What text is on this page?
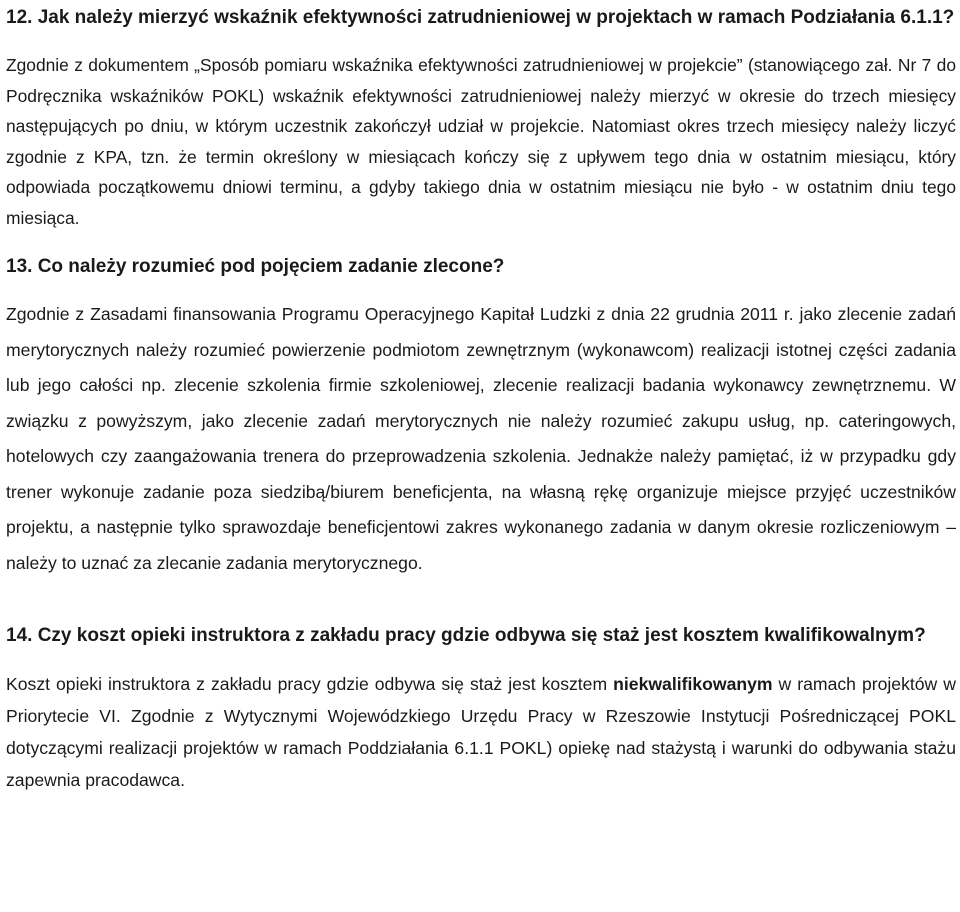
12. Jak należy mierzyć wskaźnik efektywności zatrudnieniowej w projektach w ramach Podziałania 6.1.1?

Zgodnie z dokumentem „Sposób pomiaru wskaźnika efektywności zatrudnieniowej w projekcie” (stanowiącego zał. Nr 7 do Podręcznika wskaźników POKL) wskaźnik efektywności zatrudnieniowej należy mierzyć w okresie do trzech miesięcy następujących po dniu, w którym uczestnik zakończył udział w projekcie. Natomiast okres trzech miesięcy należy liczyć zgodnie z KPA, tzn. że termin określony w miesiącach kończy się z upływem tego dnia w ostatnim miesiącu, który odpowiada początkowemu dniowi terminu, a gdyby takiego dnia w ostatnim miesiącu nie było - w ostatnim dniu tego miesiąca.

13. Co należy rozumieć pod pojęciem zadanie zlecone?

Zgodnie z Zasadami finansowania Programu Operacyjnego Kapitał Ludzki z dnia 22 grudnia 2011 r. jako zlecenie zadań merytorycznych należy rozumieć powierzenie podmiotom zewnętrznym (wykonawcom) realizacji istotnej części zadania lub jego całości np. zlecenie szkolenia firmie szkoleniowej, zlecenie realizacji badania wykonawcy zewnętrznemu. W związku z powyższym, jako zlecenie zadań merytorycznych nie należy rozumieć zakupu usług, np. cateringowych, hotelowych czy zaangażowania trenera do przeprowadzenia szkolenia. Jednakże należy pamiętać, iż w przypadku gdy trener wykonuje zadanie poza siedzibą/biurem beneficjenta, na własną rękę organizuje miejsce przyjęć uczestników projektu, a następnie tylko sprawozdaje beneficjentowi zakres wykonanego zadania w danym okresie rozliczeniowym – należy to uznać za zlecanie zadania merytorycznego.

14. Czy koszt opieki instruktora z zakładu pracy gdzie odbywa się staż jest kosztem kwalifikowalnym?

Koszt opieki instruktora z zakładu pracy gdzie odbywa się staż jest kosztem niekwalifikowanym w ramach projektów w Priorytecie VI. Zgodnie z Wytycznymi Wojewódzkiego Urzędu Pracy w Rzeszowie Instytucji Pośredniczącej POKL dotyczącymi realizacji projektów w ramach Poddziałania 6.1.1 POKL) opiekę nad stażystą i warunki do odbywania stażu zapewnia pracodawca.
